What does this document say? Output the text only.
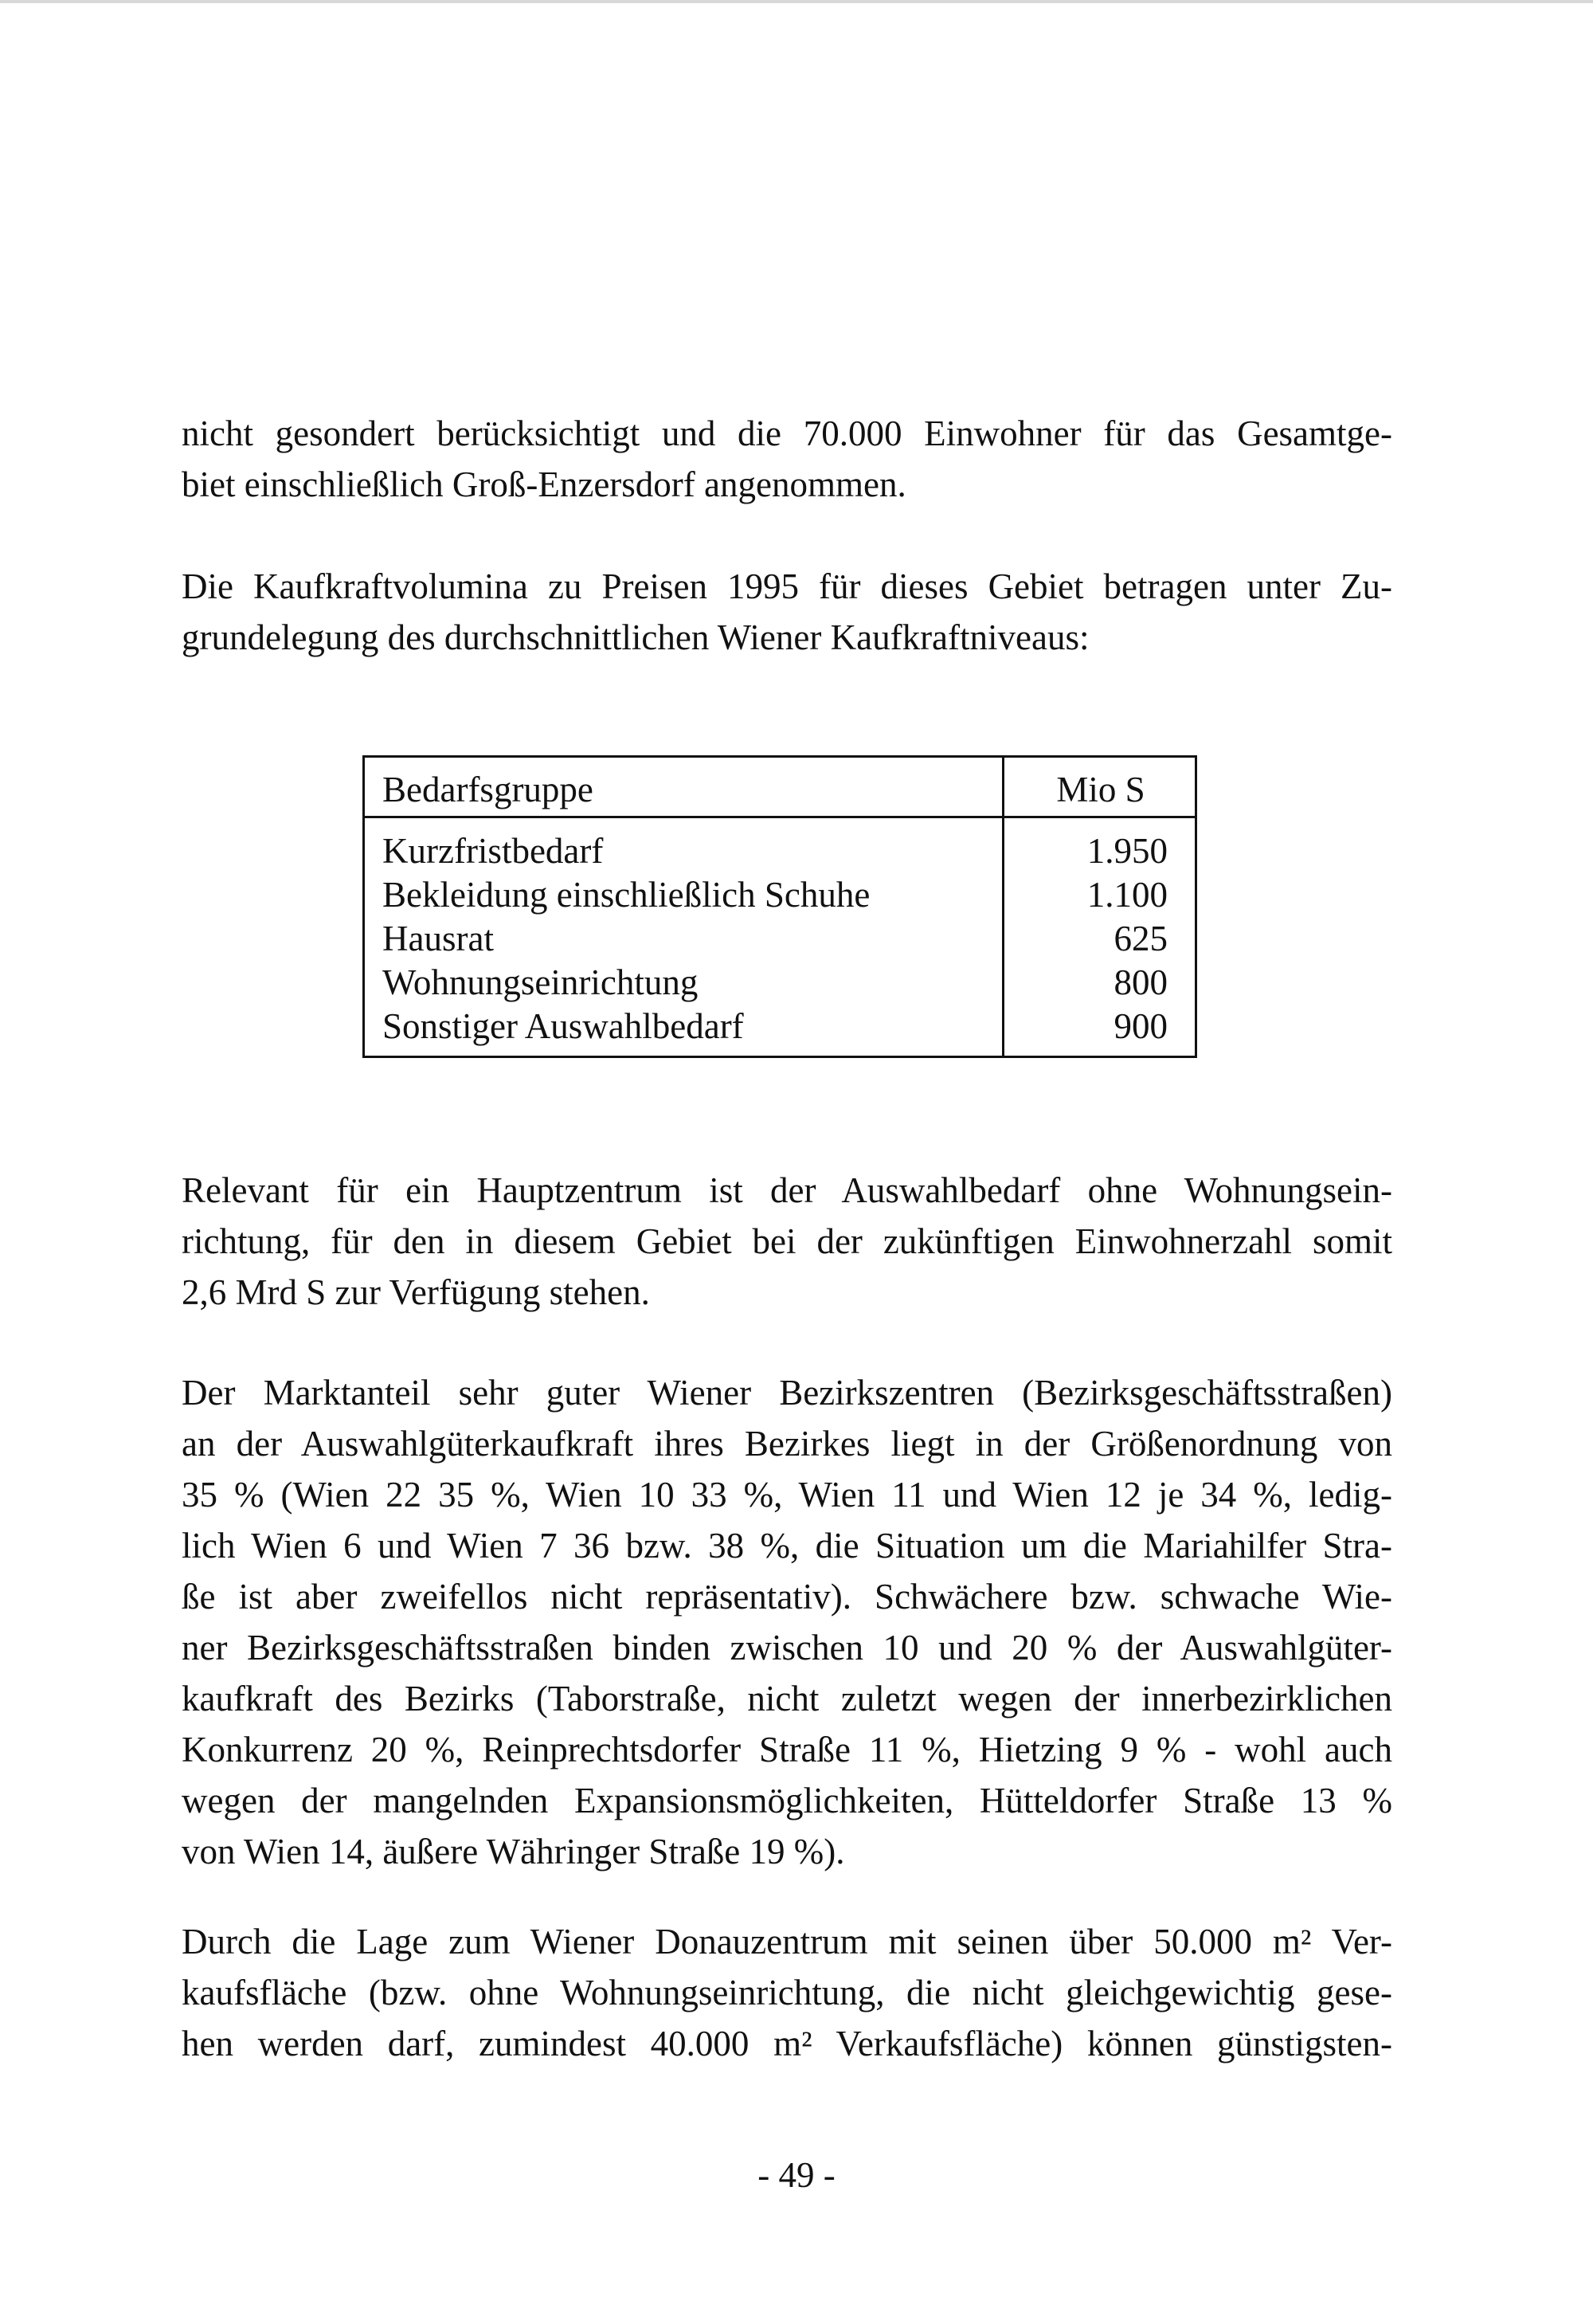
nicht gesondert berücksichtigt und die 70.000 Einwohner für das Gesamtge-
biet einschließlich Groß-Enzersdorf angenommen.
Die Kaufkraftvolumina zu Preisen 1995 für dieses Gebiet betragen unter Zu-
grundelegung des durchschnittlichen Wiener Kaufkraftniveaus:
Bedarfsgruppe	Mio S
Kurzfristbedarf	1.950
Bekleidung einschließlich Schuhe	1.100
Hausrat	625
Wohnungseinrichtung	800
Sonstiger Auswahlbedarf	900
Relevant für ein Hauptzentrum ist der Auswahlbedarf ohne Wohnungsein-
richtung, für den in diesem Gebiet bei der zukünftigen Einwohnerzahl somit
2,6 Mrd S zur Verfügung stehen.
Der Marktanteil sehr guter Wiener Bezirkszentren (Bezirksgeschäftsstraßen)
an der Auswahlgüterkaufkraft ihres Bezirkes liegt in der Größenordnung von
35 % (Wien 22 35 %, Wien 10 33 %, Wien 11 und Wien 12 je 34 %, ledig-
lich Wien 6 und Wien 7 36 bzw. 38 %, die Situation um die Mariahilfer Stra-
ße ist aber zweifellos nicht repräsentativ). Schwächere bzw. schwache Wie-
ner Bezirksgeschäftsstraßen binden zwischen 10 und 20 % der Auswahlgüter-
kaufkraft des Bezirks (Taborstraße, nicht zuletzt wegen der innerbezirklichen
Konkurrenz 20 %, Reinprechtsdorfer Straße 11 %, Hietzing 9 % - wohl auch
wegen der mangelnden Expansionsmöglichkeiten, Hütteldorfer Straße 13 %
von Wien 14, äußere Währinger Straße 19 %).
Durch die Lage zum Wiener Donauzentrum mit seinen über 50.000 m² Ver-
kaufsfläche (bzw. ohne Wohnungseinrichtung, die nicht gleichgewichtig gese-
hen werden darf, zumindest 40.000 m² Verkaufsfläche) können günstigsten-
- 49 -
